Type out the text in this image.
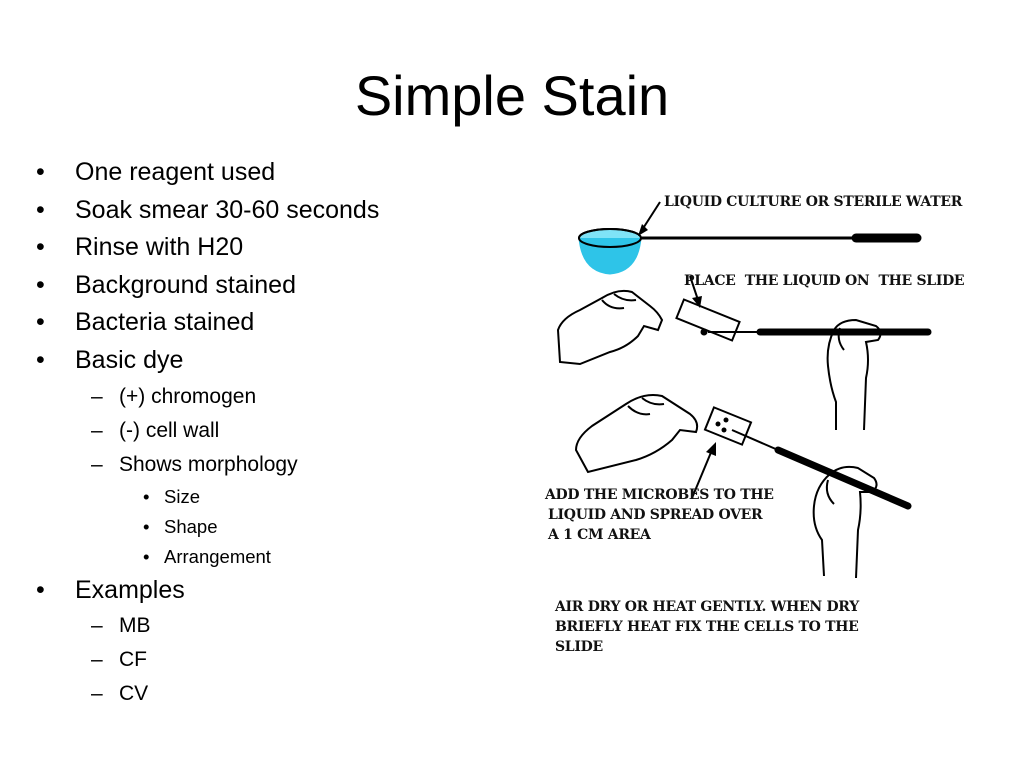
Simple Stain
• One reagent used
• Soak smear 30-60 seconds
• Rinse with H20
• Background stained
• Bacteria stained
• Basic dye
– (+) chromogen
– (-) cell wall
– Shows morphology
• Size
• Shape
• Arrangement
• Examples
– MB
– CF
– CV
LIQUID CULTURE OR STERILE WATER
PLACE  THE LIQUID ON  THE SLIDE
ADD THE MICROBES TO THE
LIQUID AND SPREAD OVER
A 1 CM AREA
AIR DRY OR HEAT GENTLY. WHEN DRY
BRIEFLY HEAT FIX THE CELLS TO THE
SLIDE
